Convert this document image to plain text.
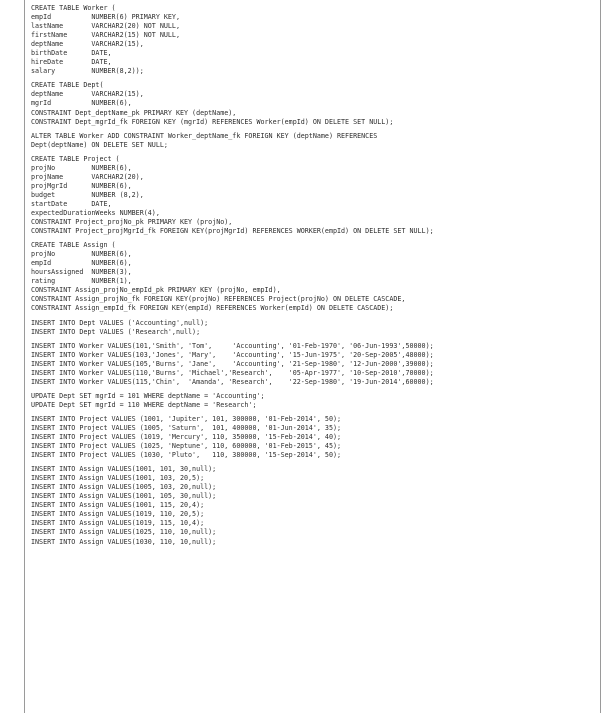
CREATE TABLE Worker (
empId          NUMBER(6) PRIMARY KEY,
lastName       VARCHAR2(20) NOT NULL,
firstName      VARCHAR2(15) NOT NULL,
deptName       VARCHAR2(15),
birthDate      DATE,
hireDate       DATE,
salary         NUMBER(8,2));
CREATE TABLE Dept(
deptName       VARCHAR2(15),
mgrId          NUMBER(6),
CONSTRAINT Dept_deptName_pk PRIMARY KEY (deptName),
CONSTRAINT Dept_mgrId_fk FOREIGN KEY (mgrId) REFERENCES Worker(empId) ON DELETE SET NULL);
ALTER TABLE Worker ADD CONSTRAINT Worker_deptName_fk FOREIGN KEY (deptName) REFERENCES
Dept(deptName) ON DELETE SET NULL;
CREATE TABLE Project (
projNo         NUMBER(6),
projName       VARCHAR2(20),
projMgrId      NUMBER(6),
budget         NUMBER (8,2),
startDate      DATE,
expectedDurationWeeks NUMBER(4),
CONSTRAINT Project_projNo_pk PRIMARY KEY (projNo),
CONSTRAINT Project_projMgrId_fk FOREIGN KEY(projMgrId) REFERENCES WORKER(empId) ON DELETE SET NULL);
CREATE TABLE Assign (
projNo         NUMBER(6),
empId          NUMBER(6),
hoursAssigned  NUMBER(3),
rating         NUMBER(1),
CONSTRAINT Assign_projNo_empId_pk PRIMARY KEY (projNo, empId),
CONSTRAINT Assign_projNo_fk FOREIGN KEY(projNo) REFERENCES Project(projNo) ON DELETE CASCADE,
CONSTRAINT Assign_empId_fk FOREIGN KEY(empId) REFERENCES Worker(empId) ON DELETE CASCADE);
INSERT INTO Dept VALUES ('Accounting',null);
INSERT INTO Dept VALUES ('Research',null);
INSERT INTO Worker VALUES(101,'Smith', 'Tom',     'Accounting', '01-Feb-1970', '06-Jun-1993',50000);
INSERT INTO Worker VALUES(103,'Jones', 'Mary',    'Accounting', '15-Jun-1975', '20-Sep-2005',48000);
INSERT INTO Worker VALUES(105,'Burns', 'Jane',    'Accounting', '21-Sep-1980', '12-Jun-2000',39000);
INSERT INTO Worker VALUES(110,'Burns', 'Michael','Research',    '05-Apr-1977', '10-Sep-2010',70000);
INSERT INTO Worker VALUES(115,'Chin',  'Amanda', 'Research',    '22-Sep-1980', '19-Jun-2014',60000);
UPDATE Dept SET mgrId = 101 WHERE deptName = 'Accounting';
UPDATE Dept SET mgrId = 110 WHERE deptName = 'Research';
INSERT INTO Project VALUES (1001, 'Jupiter', 101, 300000, '01-Feb-2014', 50);
INSERT INTO Project VALUES (1005, 'Saturn',  101, 400000, '01-Jun-2014', 35);
INSERT INTO Project VALUES (1019, 'Mercury', 110, 350000, '15-Feb-2014', 40);
INSERT INTO Project VALUES (1025, 'Neptune', 110, 600000, '01-Feb-2015', 45);
INSERT INTO Project VALUES (1030, 'Pluto',   110, 380000, '15-Sep-2014', 50);
INSERT INTO Assign VALUES(1001, 101, 30,null);
INSERT INTO Assign VALUES(1001, 103, 20,5);
INSERT INTO Assign VALUES(1005, 103, 20,null);
INSERT INTO Assign VALUES(1001, 105, 30,null);
INSERT INTO Assign VALUES(1001, 115, 20,4);
INSERT INTO Assign VALUES(1019, 110, 20,5);
INSERT INTO Assign VALUES(1019, 115, 10,4);
INSERT INTO Assign VALUES(1025, 110, 10,null);
INSERT INTO Assign VALUES(1030, 110, 10,null);
